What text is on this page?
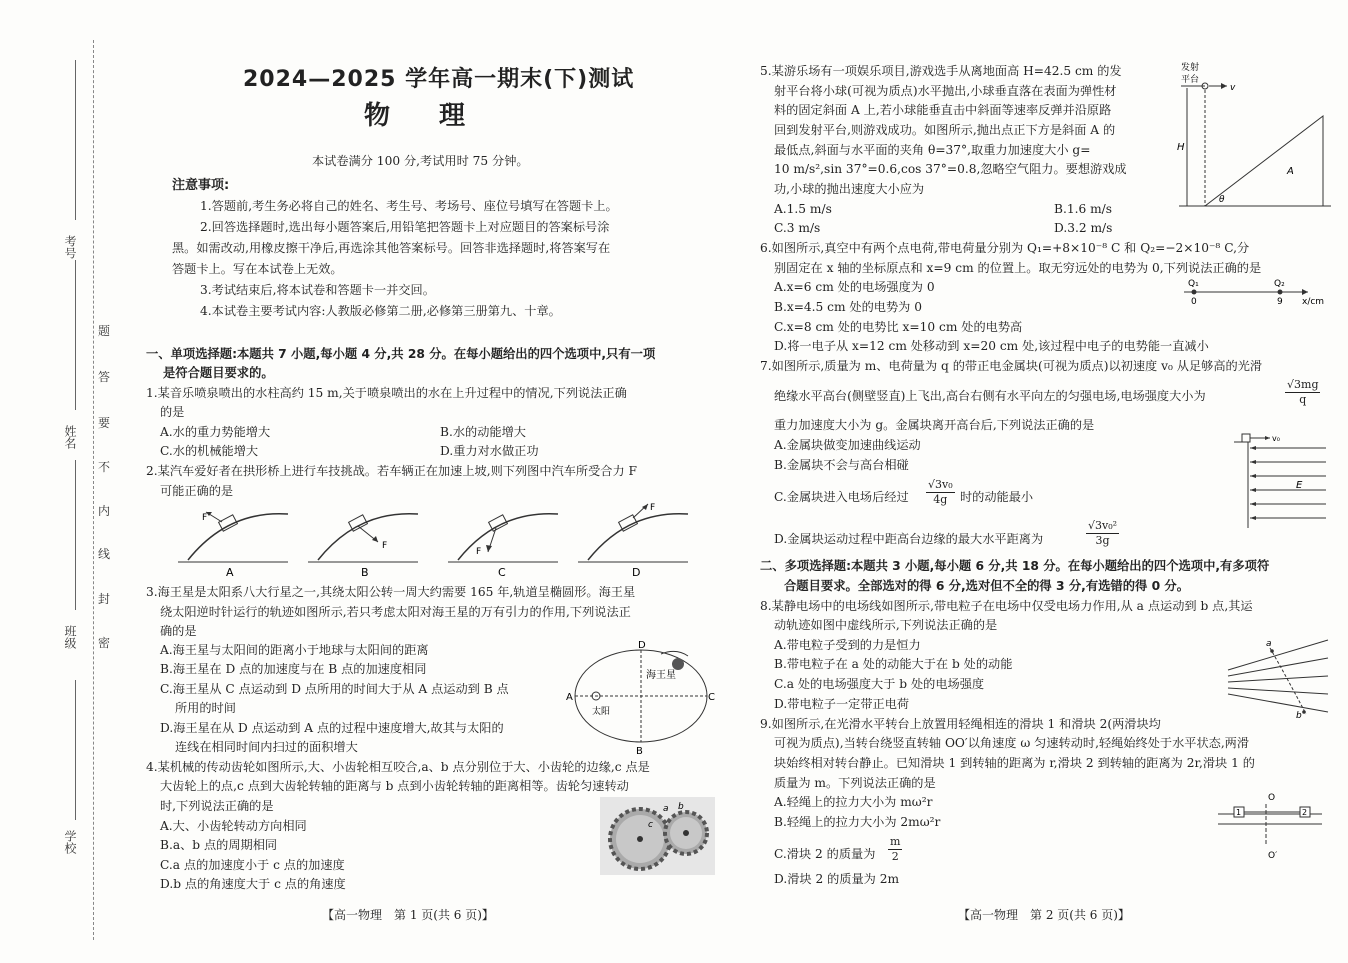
考号
姓名
班级
学校
题
答
要
不
内
线
封
密
2024—2025 学年高一期末(下)测试
物 理
本试卷满分 100 分,考试用时 75 分钟。
注意事项:
1.答题前,考生务必将自己的姓名、考生号、考场号、座位号填写在答题卡上。
2.回答选择题时,选出每小题答案后,用铅笔把答题卡上对应题目的答案标号涂
黑。如需改动,用橡皮擦干净后,再选涂其他答案标号。回答非选择题时,将答案写在
答题卡上。写在本试卷上无效。
3.考试结束后,将本试卷和答题卡一并交回。
4.本试卷主要考试内容:人教版必修第二册,必修第三册第九、十章。
一、单项选择题:本题共 7 小题,每小题 4 分,共 28 分。在每小题给出的四个选项中,只有一项
是符合题目要求的。
1.某音乐喷泉喷出的水柱高约 15 m,关于喷泉喷出的水在上升过程中的情况,下列说法正确
的是
A.水的重力势能增大	B.水的动能增大
C.水的机械能增大	D.重力对水做正功
2.某汽车爱好者在拱形桥上进行车技挑战。若车辆正在加速上坡,则下列图中汽车所受合力 F
可能正确的是
F
A
F
B
F
C
F
D
3.海王星是太阳系八大行星之一,其绕太阳公转一周大约需要 165 年,轨道呈椭圆形。海王星
绕太阳逆时针运行的轨迹如图所示,若只考虑太阳对海王星的万有引力的作用,下列说法正
确的是
A.海王星与太阳间的距离小于地球与太阳间的距离
B.海王星在 D 点的加速度与在 B 点的加速度相同
C.海王星从 C 点运动到 D 点所用的时间大于从 A 点运动到 B 点
所用的时间
D.海王星在从 D 点运动到 A 点的过程中速度增大,故其与太阳的
连线在相同时间内扫过的面积增大
海王星
太阳
A
B
C
D
4.某机械的传动齿轮如图所示,大、小齿轮相互咬合,a、b 点分别位于大、小齿轮的边缘,c 点是
大齿轮上的点,c 点到大齿轮转轴的距离与 b 点到小齿轮转轴的距离相等。齿轮匀速转动
时,下列说法正确的是
A.大、小齿轮转动方向相同
B.a、b 点的周期相同
C.a 点的加速度小于 c 点的加速度
D.b 点的角速度大于 c 点的角速度
a b
c
5.某游乐场有一项娱乐项目,游戏选手从离地面高 H=42.5 cm 的发
射平台将小球(可视为质点)水平抛出,小球垂直落在表面为弹性材
料的固定斜面 A 上,若小球能垂直击中斜面等速率反弹并沿原路
回到发射平台,则游戏成功。如图所示,抛出点正下方是斜面 A 的
最低点,斜面与水平面的夹角 θ=37°,取重力加速度大小 g=
10 m/s²,sin 37°=0.6,cos 37°=0.8,忽略空气阻力。要想游戏成
功,小球的抛出速度大小应为
A.1.5 m/s	B.1.6 m/s
C.3 m/s	D.3.2 m/s
发射
平台
v
H
A
θ
6.如图所示,真空中有两个点电荷,带电荷量分别为 Q₁=+8×10⁻⁸ C 和 Q₂=−2×10⁻⁸ C,分
别固定在 x 轴的坐标原点和 x=9 cm 的位置上。取无穷远处的电势为 0,下列说法正确的是
A.x=6 cm 处的电场强度为 0
B.x=4.5 cm 处的电势为 0
C.x=8 cm 处的电势比 x=10 cm 处的电势高
D.将一电子从 x=12 cm 处移动到 x=20 cm 处,该过程中电子的电势能一直减小
Q₁	Q₂
0	9 x/cm
7.如图所示,质量为 m、电荷量为 q 的带正电金属块(可视为质点)以初速度 v₀ 从足够高的光滑
绝缘水平高台(侧壁竖直)上飞出,高台右侧有水平向左的匀强电场,电场强度大小为	$\frac{√3mg}{q}$
重力加速度大小为 g。金属块离开高台后,下列说法正确的是
A.金属块做变加速曲线运动
B.金属块不会与高台相碰
C.金属块进入电场后经过 $\frac{\text{√3v₀}}{4g}$ 时的动能最小
D.金属块运动过程中距高台边缘的最大水平距离为	$\frac{\text{√3v₀²}}{3g}$
v₀
E
二、多项选择题:本题共 3 小题,每小题 6 分,共 18 分。在每小题给出的四个选项中,有多项符
合题目要求。全部选对的得 6 分,选对但不全的得 3 分,有选错的得 0 分。
8.某静电场中的电场线如图所示,带电粒子在电场中仅受电场力作用,从 a 点运动到 b 点,其运
动轨迹如图中虚线所示,下列说法正确的是
A.带电粒子受到的力是恒力
B.带电粒子在 a 处的动能大于在 b 处的动能
C.a 处的电场强度大于 b 处的电场强度
D.带电粒子一定带正电荷
a
b
9.如图所示,在光滑水平转台上放置用轻绳相连的滑块 1 和滑块 2(两滑块均
可视为质点),当转台绕竖直转轴 OO′以角速度 ω 匀速转动时,轻绳始终处于水平状态,两滑
块始终相对转台静止。已知滑块 1 到转轴的距离为 r,滑块 2 到转轴的距离为 2r,滑块 1 的
质量为 m。下列说法正确的是
A.轻绳上的拉力大小为 mω²r
B.轻绳上的拉力大小为 2mω²r
C.滑块 2 的质量为 $\frac{m}{2}$
D.滑块 2 的质量为 2m
O
1	2
O′
【高一物理　第 1 页(共 6 页)】	【高一物理　第 2 页(共 6 页)】
